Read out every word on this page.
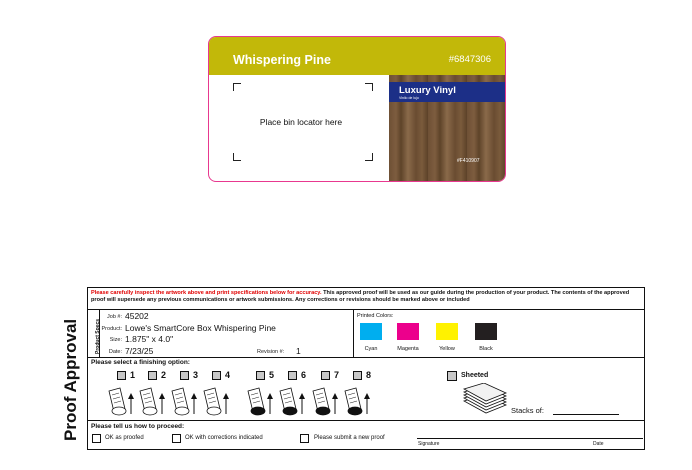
Whispering Pine	#6847306
Place bin locator here
Luxury Vinyl
Vinilo de lujo
#F410907
Proof Approval
Please carefully inspect the artwork above and print specifications below for accuracy. This approved proof will be used as our guide during the production of your product. The contents of the approved proof will supersede any previous communications or artwork submissions. Any corrections or revisions should be marked above or included
Product Specs
Job #: 45202
Product: Lowe's SmartCore Box Whispering Pine
Size: 1.875" x 4.0"
Date: 7/23/25	Revision #: 1
Printed Colors:
Cyan	Magenta	Yellow	Black
Please select a finishing option:
1	2	3	4	5	6	7	8	Sheeted
Stacks of:
Please tell us how to proceed:
OK as proofed	OK with corrections indicated	Please submit a new proof
Signature	Date
